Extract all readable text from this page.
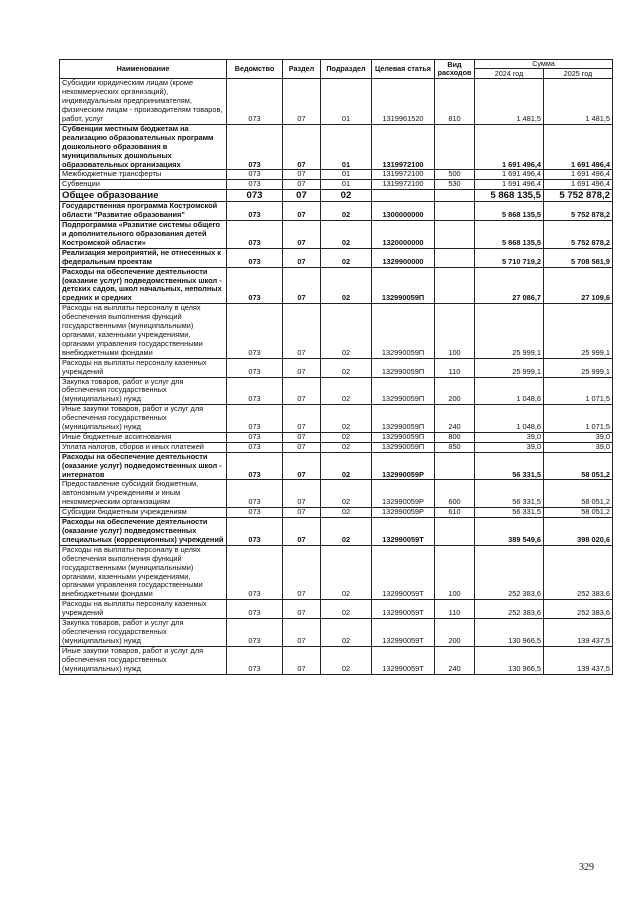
Наименование	Ведомство	Раздел	Подраздел	Целевая статья	Вид расходов	Сумма	
						2024 год	2025 год
Субсидии юридическим лицам (кроме некоммерческих организаций), индивидуальным предпринимателям, физическим лицам - производителям товаров, работ, услуг	073	07	01	1319961520	810	1 481,5	1 481,5
Субвенции местным бюджетам на реализацию образовательных программ дошкольного образования в муниципальных дошкольных образовательных организациях	073	07	01	1319972100		1 691 496,4	1 691 496,4
Межбюджетные трансферты	073	07	01	1319972100	500	1 691 496,4	1 691 496,4
Субвенции	073	07	01	1319972100	530	1 691 496,4	1 691 496,4
Общее образование	073	07	02			5 868 135,5	5 752 878,2
Государственная программа Костромской области "Развитие образования"	073	07	02	1300000000		5 868 135,5	5 752 878,2
Подпрограмма «Развитие системы общего и дополнительного образования детей Костромской области»	073	07	02	1320000000		5 868 135,5	5 752 878,2
Реализация мероприятий, не отнесенных к федеральным проектам	073	07	02	1329900000		5 710 719,2	5 708 581,9
Расходы на обеспечение деятельности (оказание услуг) подведомственных школ - детских садов, школ начальных, неполных средних и средних	073	07	02	132990059П		27 086,7	27 109,6
Расходы на выплаты персоналу в целях обеспечения выполнения функций государственными (муниципальными) органами, казенными учреждениями, органами управления государственными внебюджетными фондами	073	07	02	132990059П	100	25 999,1	25 999,1
Расходы на выплаты персоналу казенных учреждений	073	07	02	132990059П	110	25 999,1	25 999,1
Закупка товаров, работ и услуг для обеспечения государственных (муниципальных) нужд	073	07	02	132990059П	200	1 048,6	1 071,5
Иные закупки товаров, работ и услуг для обеспечения государственных (муниципальных) нужд	073	07	02	132990059П	240	1 048,6	1 071,5
Иные бюджетные ассигнования	073	07	02	132990059П	800	39,0	39,0
Уплата налогов, сборов и иных платежей	073	07	02	132990059П	850	39,0	39,0
Расходы на обеспечение деятельности (оказание услуг) подведомственных школ - интернатов	073	07	02	132990059Р		56 331,5	58 051,2
Предоставление субсидий бюджетным, автономным учреждениям и иным некоммерческим организациям	073	07	02	132990059Р	600	56 331,5	58 051,2
Субсидии бюджетным учреждениям	073	07	02	132990059Р	610	56 331,5	58 051,2
Расходы на обеспечение деятельности (оказание услуг) подведомственных специальных (коррекционных) учреждений	073	07	02	132990059Т		389 549,6	398 020,6
Расходы на выплаты персоналу в целях обеспечения выполнения функций государственными (муниципальными) органами, казенными учреждениями, органами управления государственными внебюджетными фондами	073	07	02	132990059Т	100	252 383,6	252 383,6
Расходы на выплаты персоналу казенных учреждений	073	07	02	132990059Т	110	252 383,6	252 383,6
Закупка товаров, работ и услуг для обеспечения государственных (муниципальных) нужд	073	07	02	132990059Т	200	130 966,5	139 437,5
Иные закупки товаров, работ и услуг для обеспечения государственных (муниципальных) нужд	073	07	02	132990059Т	240	130 966,5	139 437,5
329
